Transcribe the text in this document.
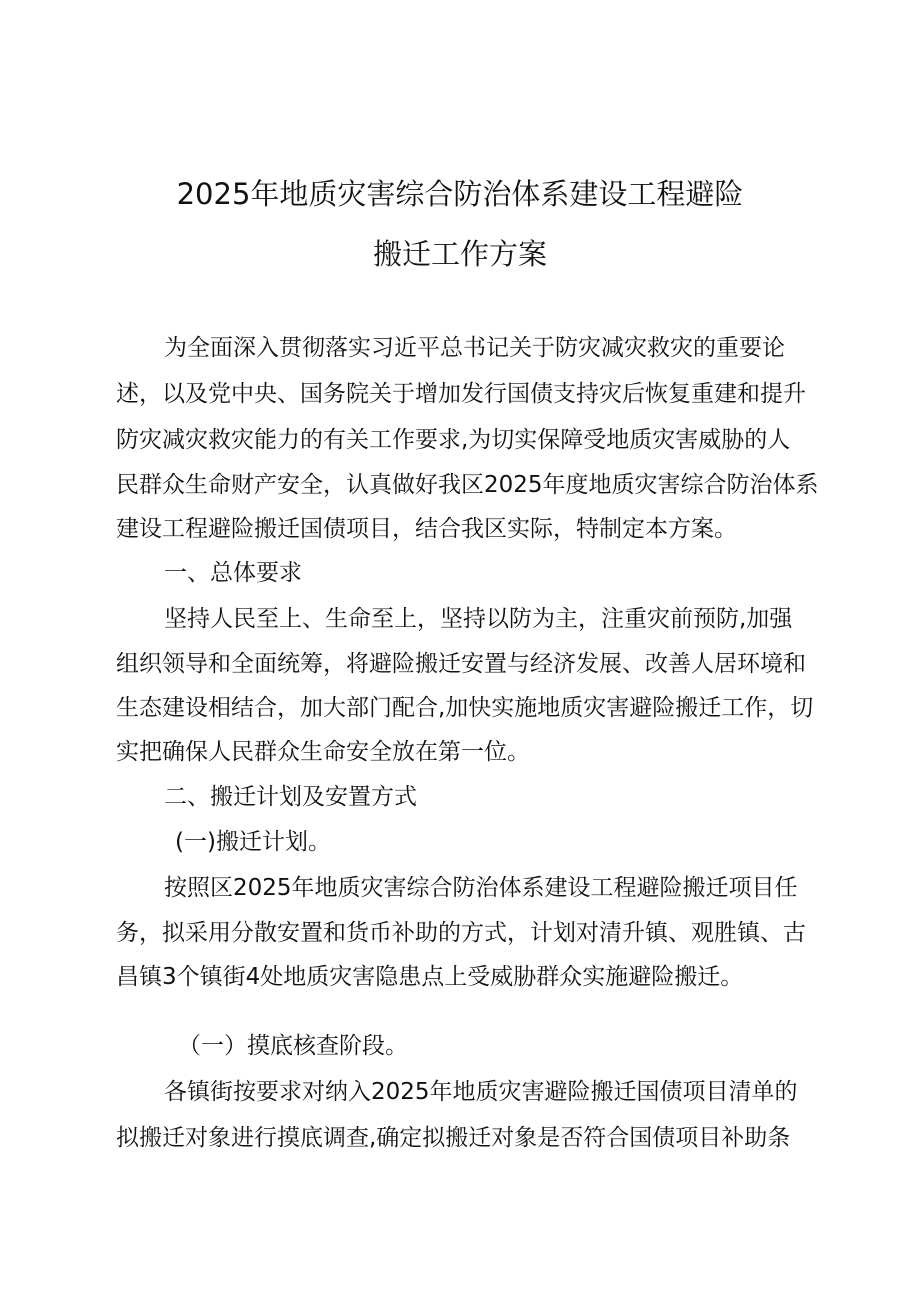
2025年地质灾害综合防治体系建设工程避险
搬迁工作方案
为全面深入贯彻落实习近平总书记关于防灾减灾救灾的重要论
述，以及党中央、国务院关于增加发行国债支持灾后恢复重建和提升
防灾减灾救灾能力的有关工作要求,为切实保障受地质灾害威胁的人
民群众生命财产安全，认真做好我区2025年度地质灾害综合防治体系
建设工程避险搬迁国债项目，结合我区实际，特制定本方案。
一、总体要求
坚持人民至上、生命至上，坚持以防为主，注重灾前预防,加强
组织领导和全面统筹，将避险搬迁安置与经济发展、改善人居环境和
生态建设相结合，加大部门配合,加快实施地质灾害避险搬迁工作，切
实把确保人民群众生命安全放在第一位。
二、搬迁计划及安置方式
(一)搬迁计划。
按照区2025年地质灾害综合防治体系建设工程避险搬迁项目任
务，拟采用分散安置和货币补助的方式，计划对清升镇、观胜镇、古
昌镇3个镇街4处地质灾害隐患点上受威胁群众实施避险搬迁。
（一）摸底核查阶段。
各镇街按要求对纳入2025年地质灾害避险搬迁国债项目清单的
拟搬迁对象进行摸底调查,确定拟搬迁对象是否符合国债项目补助条
